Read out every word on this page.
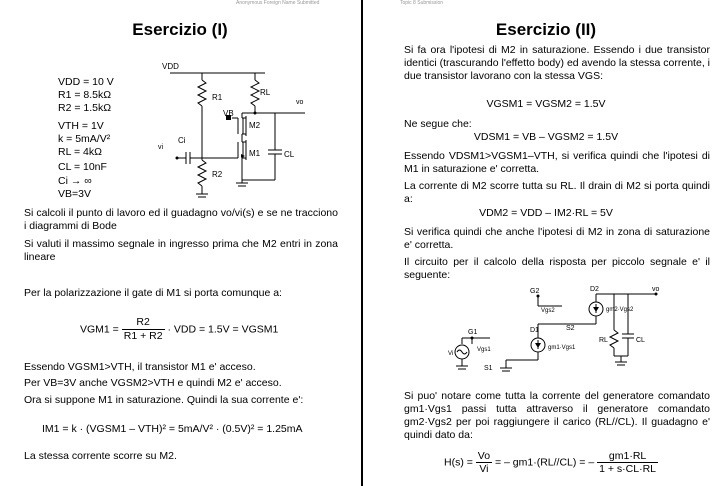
Anonymous Foreign Name Submitted	Topic 8 Submission
Esercizio (I)
VDD = 10 V
R1 = 8.5kΩ
R2 = 1.5kΩ
VTH = 1V
k = 5mA/V²
RL = 4kΩ
CL = 10nF
Ci → ∞
VB=3V
VDD
R1
RL
vo
VB
M2
Ci
vi
M1	CL
R2
Si calcoli il punto di lavoro ed il guadagno vo/vi(s) e se ne tracciono i diagrammi di Bode
Si valuti il massimo segnale in ingresso prima che M2 entri in zona lineare
Per la polarizzazione il gate di M1 si porta comunque a:
$VGM1 = \frac{R2}{R1 + R2}$ · VDD = 1.5V = VGSM1
Essendo VGSM1>VTH, il transistor M1 e' acceso.
Per VB=3V anche VGSM2>VTH e quindi M2 e' acceso.
Ora si suppone M1 in saturazione. Quindi la sua corrente e':
IM1 = k · (VGSM1 – VTH)² = 5mA/V² · (0.5V)² = 1.25mA
La stessa corrente scorre su M2.
Esercizio (II)
Si fa ora l'ipotesi di M2 in saturazione. Essendo i due transistor identici (trascurando l'effetto body) ed avendo la stessa corrente, i due transistor lavorano con la stessa VGS:
VGSM1 = VGSM2 = 1.5V
Ne segue che:
VDSM1 = VB – VGSM2 = 1.5V
Essendo VDSM1>VGSM1–VTH, si verifica quindi che l'ipotesi di M1 in saturazione e' corretta.
La corrente di M2 scorre tutta su RL. Il drain di M2 si porta quindi a:
VDM2 = VDD – IM2·RL = 5V
Si verifica quindi che anche l'ipotesi di M2 in zona di saturazione e' corretta.
Il circuito per il calcolo della risposta per piccolo segnale e' il seguente:
G2	D2	vo
Vgs2	gm2·Vgs2
S2
G1	D1
RL	CL
Vi
Vgs1	gm1·Vgs1
S1
Si puo' notare come tutta la corrente del generatore comandato gm1·Vgs1 passi tutta attraverso il generatore comandato gm2·Vgs2 per poi raggiungere il carico (RL//CL). Il guadagno e' quindi dato da:
$H(s) = \frac{Vo}{Vi}$ = – gm1·(RL//CL) = – $\frac{gm1\cdot RL}{1 + s\cdot CL\cdot RL}$
